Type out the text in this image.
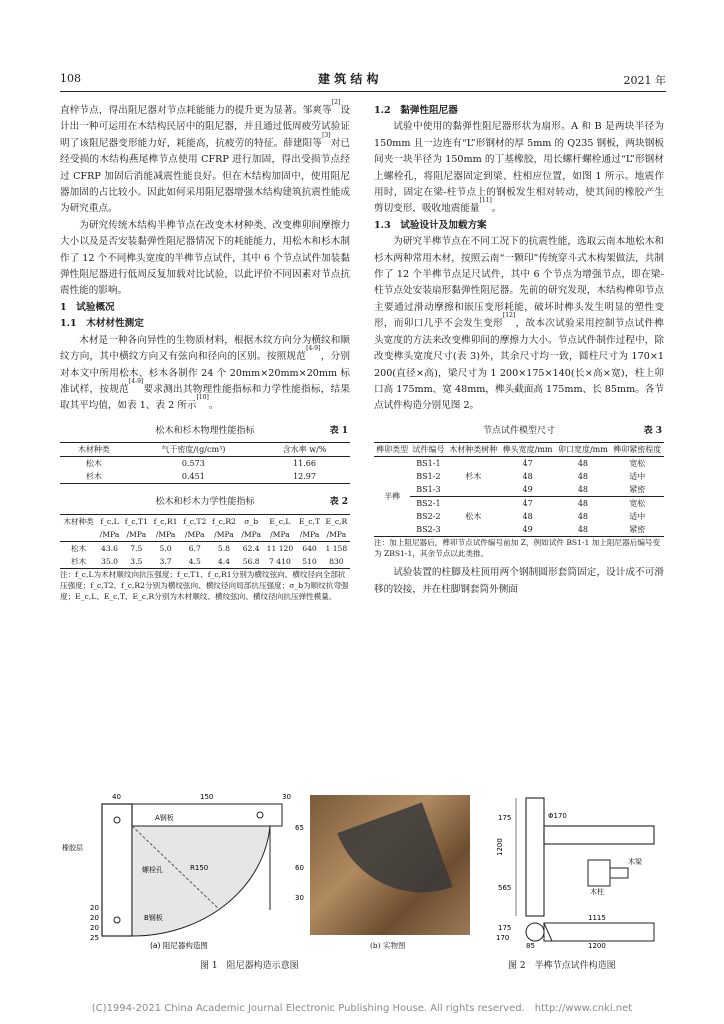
108	建 筑 结 构	2021 年

直梓节点，得出阻尼器对节点耗能能力的提升更为显著。邹爽等[2]设计出一种可运用在木结构民居中的阻尼器，并且通过低周疲劳试验证明了该阻尼器变形能力好，耗能高，抗疲劳的特征。薛建阳等[3]对已经受损的木结构燕尾榫节点使用 CFRP 进行加固，得出受损节点经过 CFRP 加固后消能减震性能良好。但在木结构加固中，使用阻尼器加固的占比较小。因此如何采用阻尼器增强木结构建筑抗震性能成为研究重点。

为研究传统木结构半榫节点在改变木材种类、改变榫卯间摩擦力大小以及是否安装黏弹性阻尼器情况下的耗能能力，用松木和杉木制作了 12 个不同榫头宽度的半榫节点试件，其中 6 个节点试件加装黏弹性阻尼器进行低周反复加载对比试验，以此评价不同因素对节点抗震性能的影响。

1　试验概况

1.1　木材材性测定

木材是一种各向异性的生物质材料，根据木纹方向分为横纹和顺纹方向，其中横纹方向又有弦向和径向的区别。按照规范[4-9]，分别对本文中所用松木、杉木各制作 24 个 20mm×20mm×20mm 标准试样，按规范[4-9]要求测出其物理性能指标和力学性能指标，结果取其平均值，如表 1、表 2 所示[10]。

松木和杉木物理性能指标	表 1
木材种类	气干密度/(g/cm³)	含水率 w/%
松木	0.573	11.66
杉木	0.451	12.97
松木和杉木力学性能指标	表 2
木材种类	f_c,L	f_c,T1	f_c,R1	f_c,T2	f_c,R2	σ_b	E_c,L	E_c,T	E_c,R
	/MPa	/MPa	/MPa	/MPa	/MPa	/MPa	/MPa	/MPa	/MPa
松木	43.6	7.5	5.0	6.7	5.8	62.4	11 120	640	1 158
杉木	35.0	3.5	3.7	4.5	4.4	56.8	7 410	510	830

注：f_c,L为木材顺纹向抗压强度；f_c,T1、f_c,R1分别为横纹弦向、横纹径向全部抗压强度；f_c,T2、f_c,R2分别为横纹弦向、横纹径向局部抗压强度；σ_b为顺纹抗弯强度；E_c,L、E_c,T、E_c,R分别为木材顺纹、横纹弦向、横纹径向抗压弹性模量。

1.2　黏弹性阻尼器

试验中使用的黏弹性阻尼器形状为扇形。A 和 B 是两块半径为 150mm 且一边连有“L”形钢材的厚 5mm 的 Q235 钢板，两块钢板间夹一块半径为 150mm 的丁基橡胶，用长螺杆螺栓通过“L”形钢材上螺栓孔，将阻尼器固定到梁、柱相应位置，如图 1 所示。地震作用时，固定在梁-柱节点上的钢板发生相对转动，使其间的橡胶产生剪切变形，吸收地震能量[11]。

1.3　试验设计及加载方案

为研究半榫节点在不同工况下的抗震性能，选取云南本地松木和杉木两种常用木材，按照云南“一颗印”传统穿斗式木构架做法，共制作了 12 个半榫节点足尺试件，其中 6 个节点为增强节点，即在梁-柱节点处安装扇形黏弹性阻尼器。先前的研究发现，木结构榫卯节点主要通过滑动摩擦和嵌压变形耗能，破坏时榫头发生明显的塑性变形，而卯口几乎不会发生变形[12]，故本次试验采用控制节点试件榫头宽度的方法来改变榫卯间的摩擦力大小。节点试件制作过程中，除改变榫头宽度尺寸(表 3)外，其余尺寸均一致，圆柱尺寸为 170×1 200(直径×高)，梁尺寸为 1 200×175×140(长×高×宽)，柱上卯口高 175mm、宽 48mm，榫头截面高 175mm、长 85mm。各节点试件构造分别见图 2。

节点试件模型尺寸	表 3
榫卯类型	试件编号	木材种类树种	榫头宽度/mm	卯口宽度/mm	榫卯紧密程度
半榫	BS1-1	杉木	47	48	宽松
	BS1-2		48	48	适中
	BS1-3		49	48	紧密
	BS2-1	松木	47	48	宽松
	BS2-2		48	48	适中
	BS2-3		49	48	紧密

注：加上阻尼器后，榫卯节点试件编号前加 Z，例如试件 BS1-1 加上阻尼器后编号变为 ZBS1-1，其余节点以此类推。

试验装置的柱脚及柱顶用两个钢制圆形套筒固定，设计成不可滑移的铰接，并在柱脚钢套筒外侧面

40	150	30
R150
A钢板
橡胶层
螺栓孔
B钢板
20
20
20
25
65
60
30
(a) 阻尼器构造图	(b) 实物图
1200
565
175
175
1115
85	1200
170
木柱
木梁
Φ170
图 1　阻尼器构造示意图	图 2　半榫节点试件构造图
(C)1994-2021 China Academic Journal Electronic Publishing House. All rights reserved.　http://www.cnki.net
